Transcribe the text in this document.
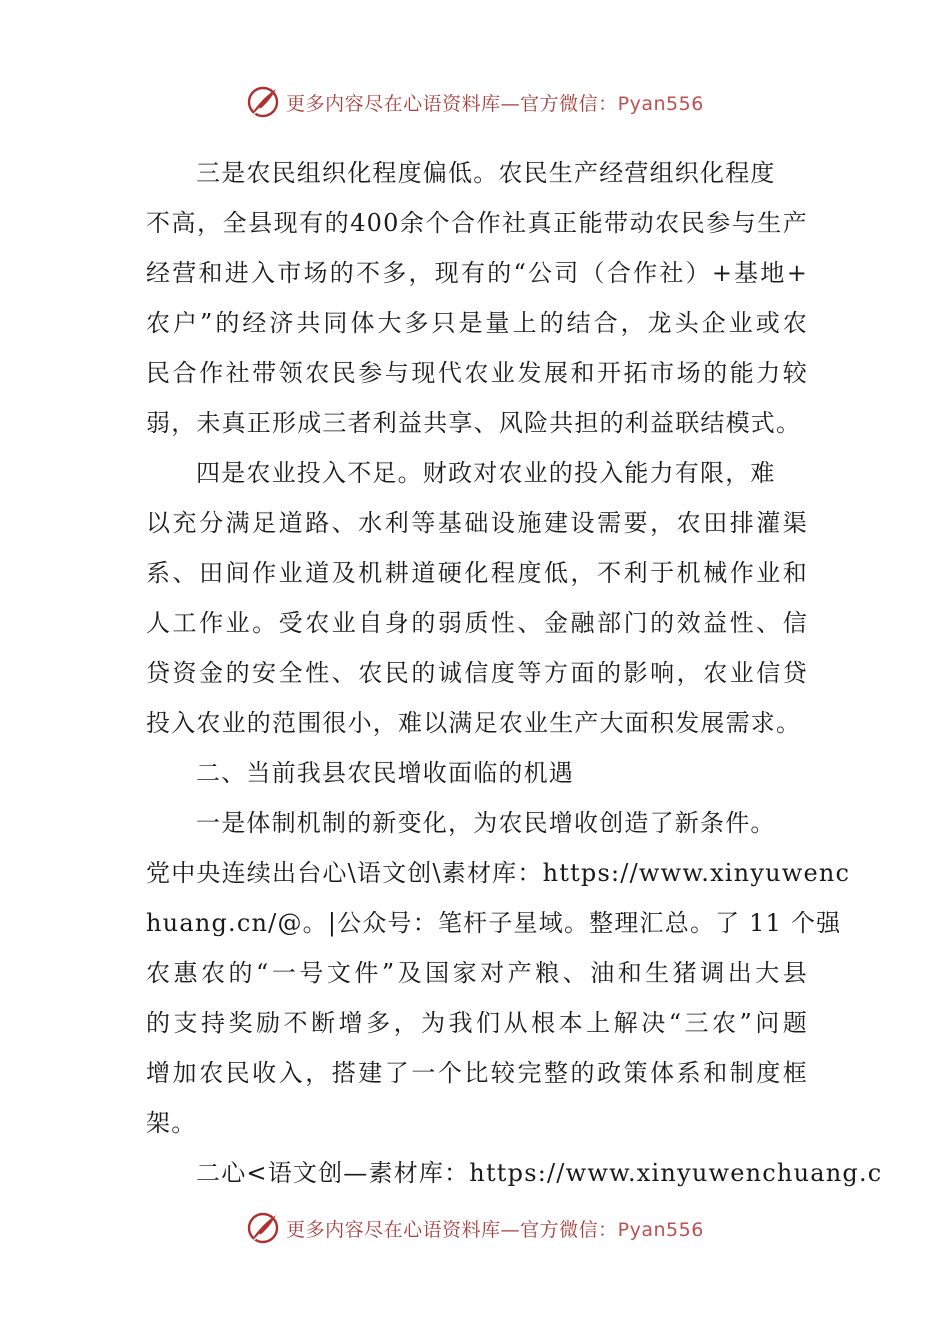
更多内容尽在心语资料库—官方微信：Pyan556
三是农民组织化程度偏低。农民生产经营组织化程度
不高，全县现有的400余个合作社真正能带动农民参与生产
经营和进入市场的不多，现有的“公司（合作社）+基地+
农户”的经济共同体大多只是量上的结合，龙头企业或农
民合作社带领农民参与现代农业发展和开拓市场的能力较
弱，未真正形成三者利益共享、风险共担的利益联结模式。
四是农业投入不足。财政对农业的投入能力有限，难
以充分满足道路、水利等基础设施建设需要，农田排灌渠
系、田间作业道及机耕道硬化程度低，不利于机械作业和
人工作业。受农业自身的弱质性、金融部门的效益性、信
贷资金的安全性、农民的诚信度等方面的影响，农业信贷
投入农业的范围很小，难以满足农业生产大面积发展需求。
二、当前我县农民增收面临的机遇
一是体制机制的新变化，为农民增收创造了新条件。
党中央连续出台心\语文创\素材库：https://www.xinyuwenc
huang.cn/@。|公众号：笔杆子星域。整理汇总。了 11 个强
农惠农的“一号文件”及国家对产粮、油和生猪调出大县
的支持奖励不断增多，为我们从根本上解决“三农”问题
增加农民收入，搭建了一个比较完整的政策体系和制度框
架。
二心<语文创—素材库：https://www.xinyuwenchuang.c
更多内容尽在心语资料库—官方微信：Pyan556
